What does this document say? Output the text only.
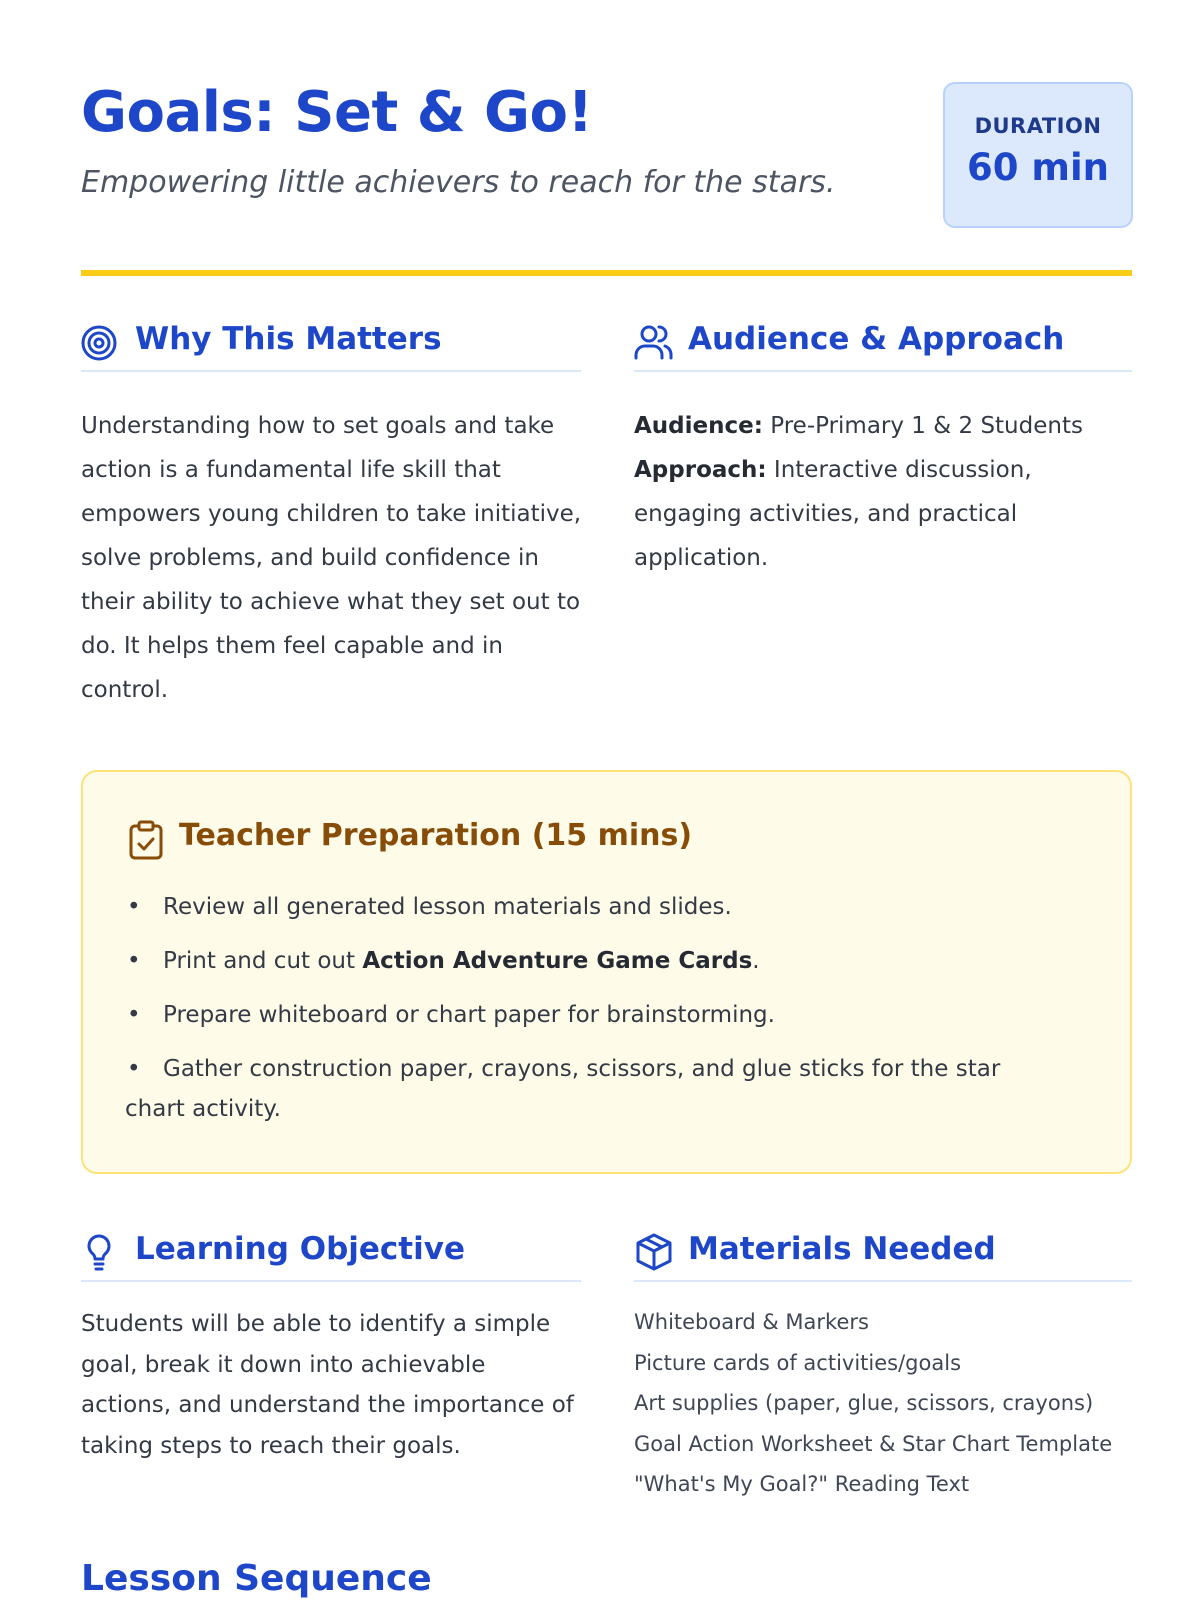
Goals: Set & Go!

Empowering little achievers to reach for the stars.

DURATION
60 min
Why This Matters

Understanding how to set goals and take action is a fundamental life skill that empowers young children to take initiative, solve problems, and build confidence in their ability to achieve what they set out to do. It helps them feel capable and in control.

Audience & Approach
Audience: Pre-Primary 1 & 2 Students
Approach: Interactive discussion, engaging activities, and practical application.
Teacher Preparation (15 mins)
• Review all generated lesson materials and slides.
• Print and cut out Action Adventure Game Cards.
• Prepare whiteboard or chart paper for brainstorming.
• Gather construction paper, crayons, scissors, and glue sticks for the star chart activity.
Learning Objective

Students will be able to identify a simple goal, break it down into achievable actions, and understand the importance of taking steps to reach their goals.

Materials Needed
Whiteboard & Markers
Picture cards of activities/goals
Art supplies (paper, glue, scissors, crayons)
Goal Action Worksheet & Star Chart Template
"What's My Goal?" Reading Text
Lesson Sequence
